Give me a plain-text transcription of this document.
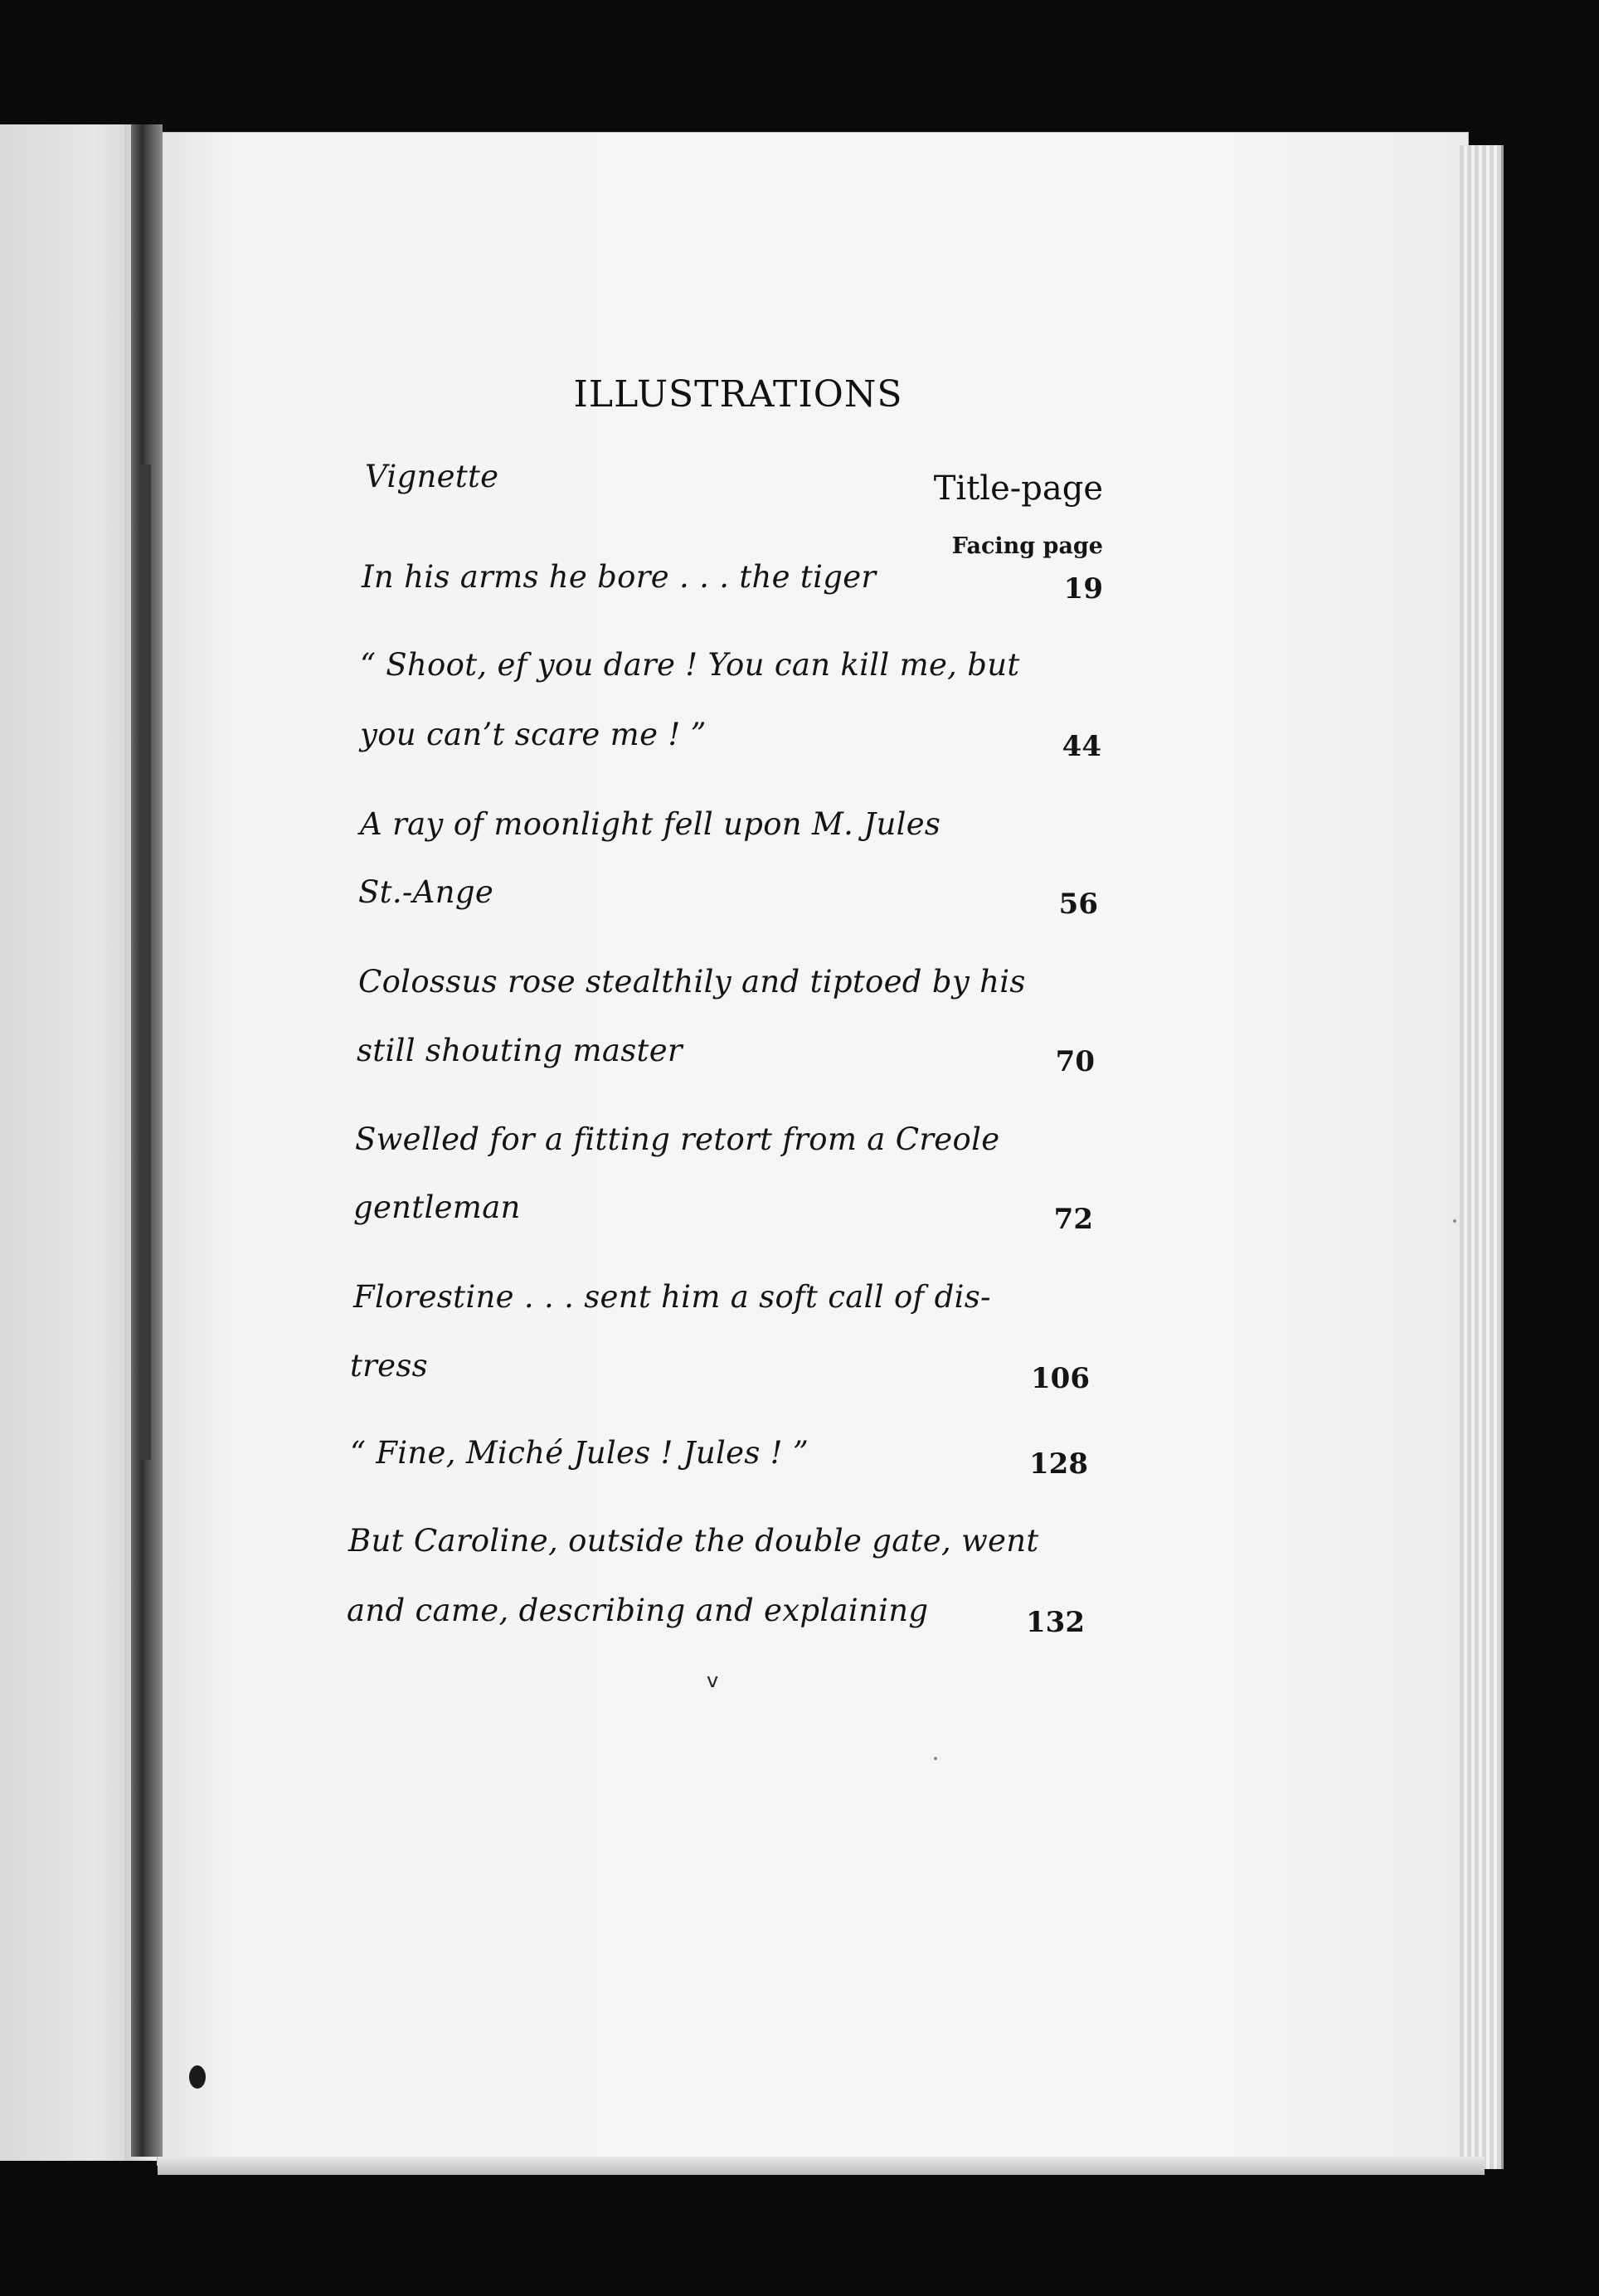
ILLUSTRATIONS
Vignette	Title-page
Facing page
In his arms he bore . . . the tiger	19
“ Shoot, ef you dare ! You can kill me, but
you can’t scare me ! ”	44
A ray of moonlight fell upon M. Jules
St.-Ange	56
Colossus rose stealthily and tiptoed by his
still shouting master	70
Swelled for a fitting retort from a Creole
gentleman	72
Florestine . . . sent him a soft call of dis-
tress	106
“ Fine, Miché Jules ! Jules ! ”	128
But Caroline, outside the double gate, went
and came, describing and explaining	132
v
